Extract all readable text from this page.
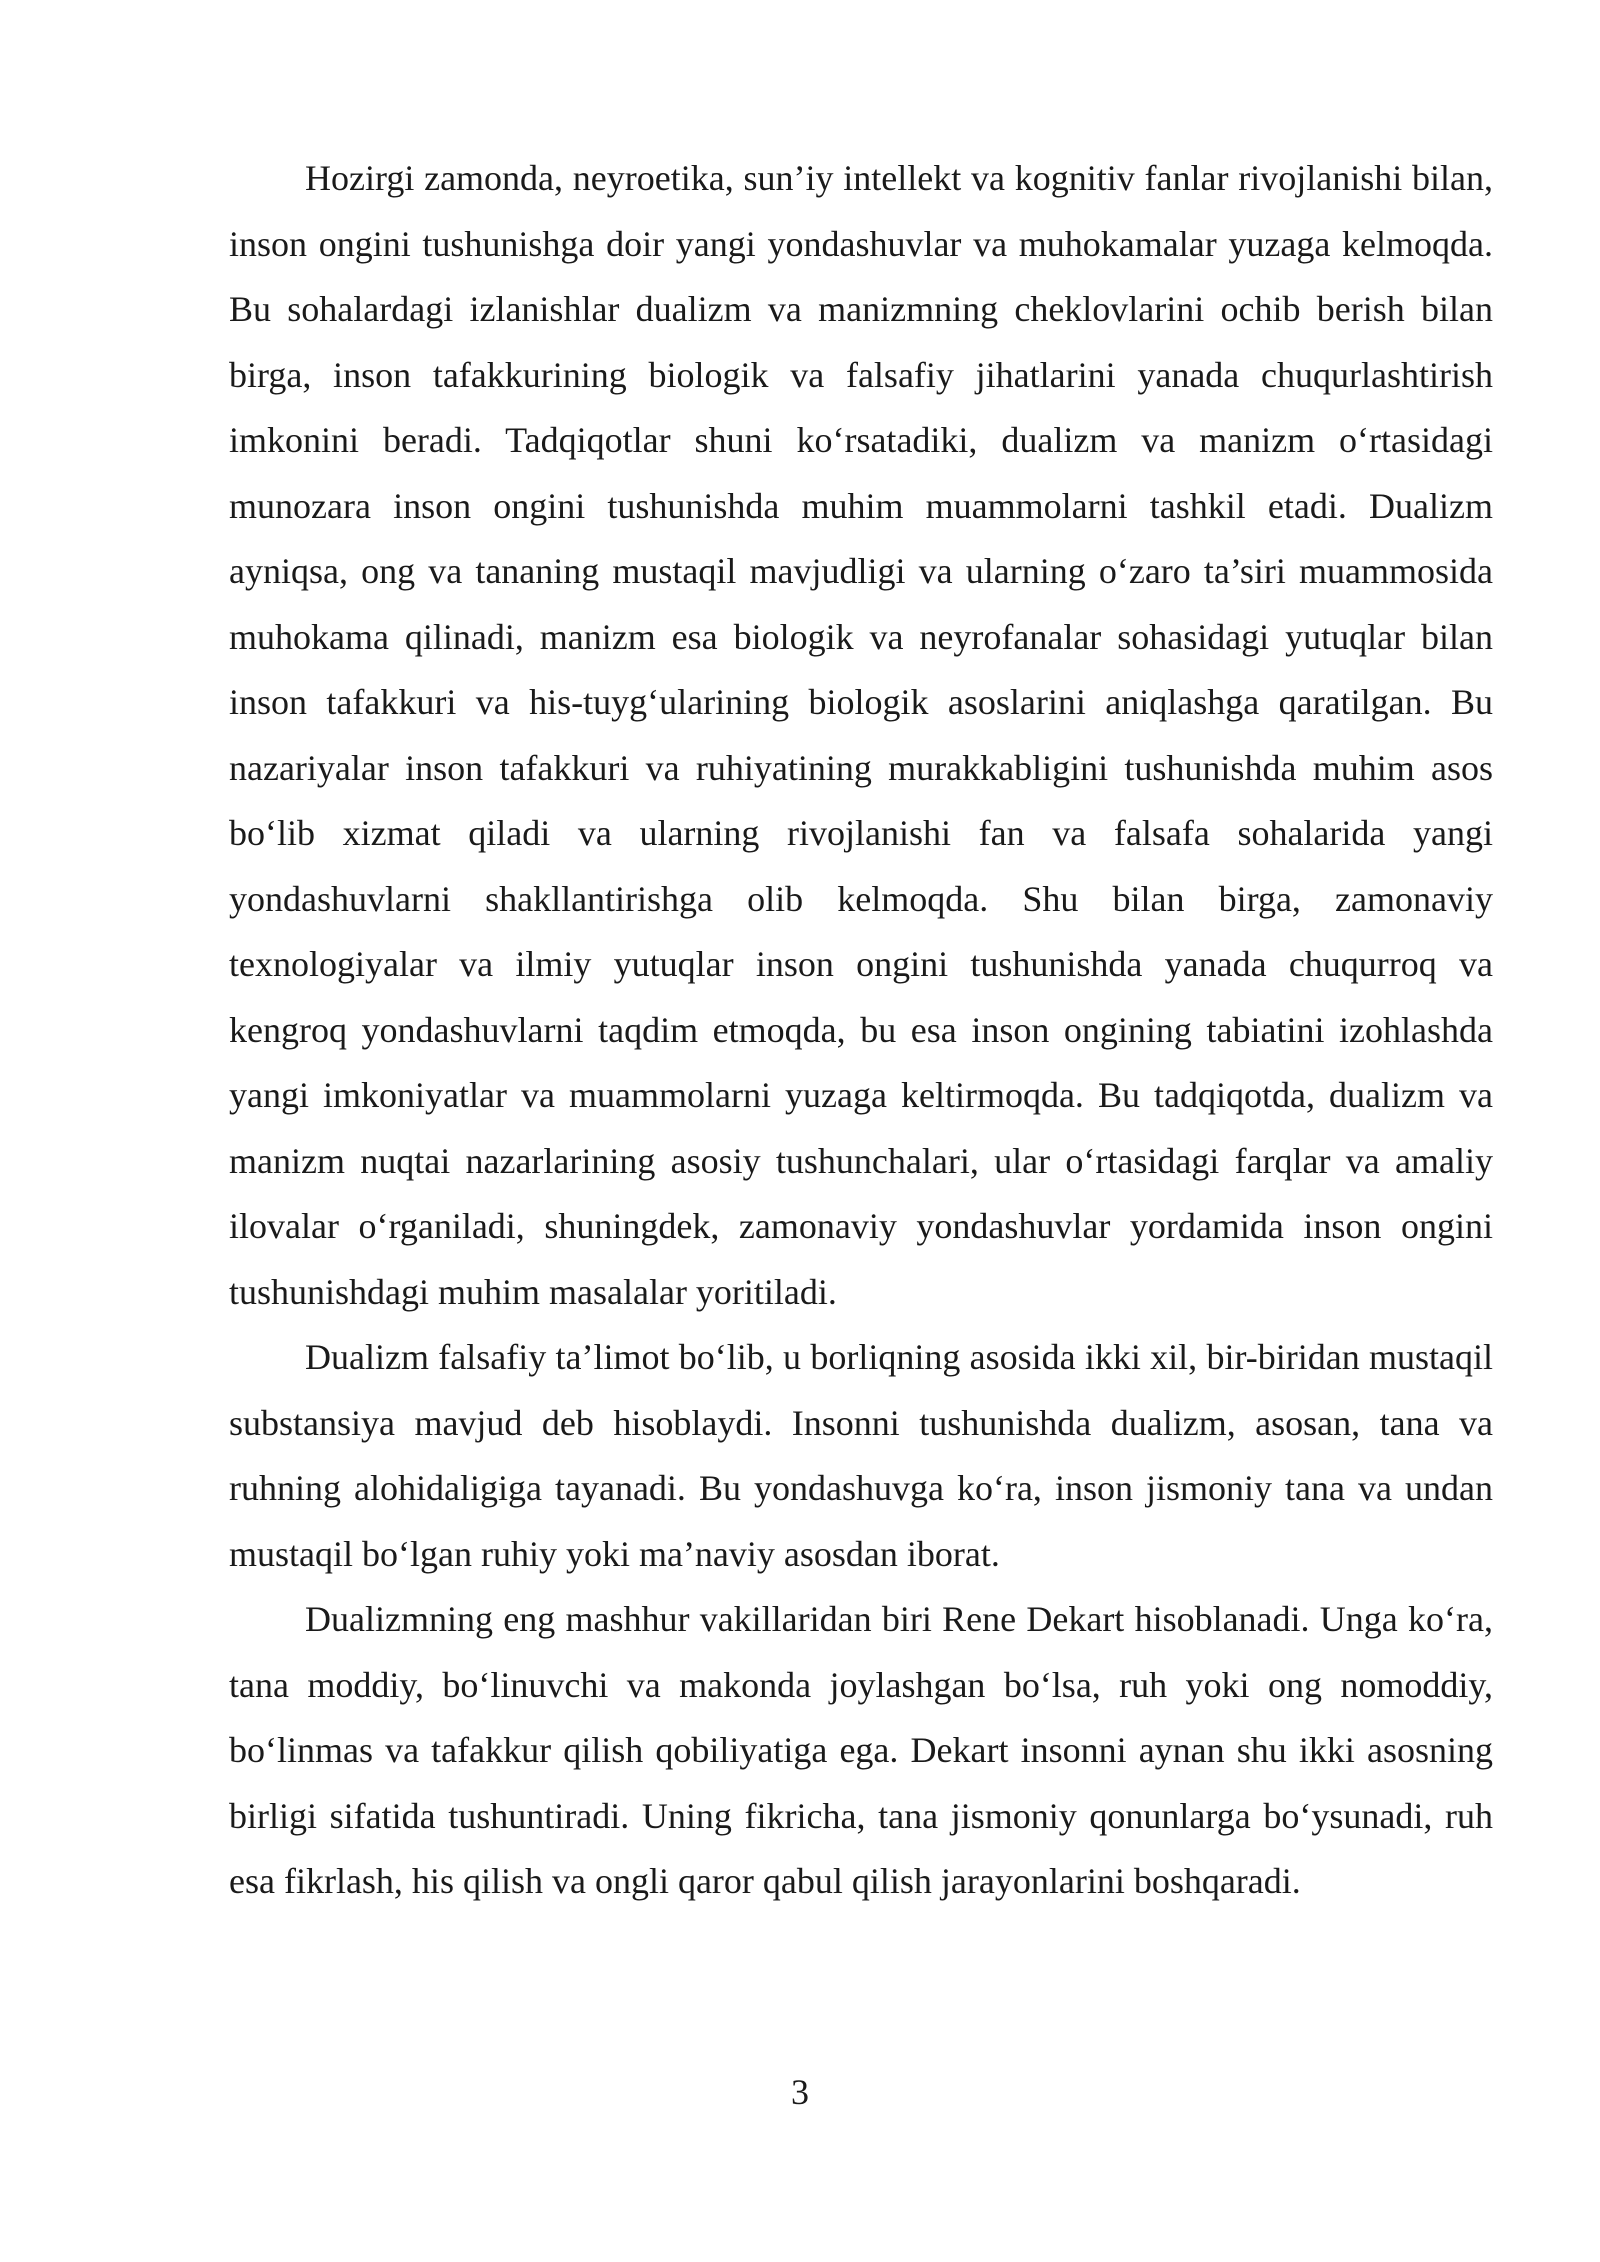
Hozirgi zamonda, neyroetika, sun’iy intellekt va kognitiv fanlar rivojlanishi bilan, inson ongini tushunishga doir yangi yondashuvlar va muhokamalar yuzaga kelmoqda. Bu sohalardagi izlanishlar dualizm va manizmning cheklovlarini ochib berish bilan birga, inson tafakkurining biologik va falsafiy jihatlarini yanada chuqurlashtirish imkonini beradi. Tadqiqotlar shuni ko‘rsatadiki, dualizm va manizm o‘rtasidagi munozara inson ongini tushunishda muhim muammolarni tashkil etadi. Dualizm ayniqsa, ong va tananing mustaqil mavjudligi va ularning o‘zaro ta’siri muammosida muhokama qilinadi, manizm esa biologik va neyrofanalar sohasidagi yutuqlar bilan inson tafakkuri va his-tuyg‘ularining biologik asoslarini aniqlashga qaratilgan. Bu nazariyalar inson tafakkuri va ruhiyatining murakkabligini tushunishda muhim asos bo‘lib xizmat qiladi va ularning rivojlanishi fan va falsafa sohalarida yangi yondashuvlarni shakllantirishga olib kelmoqda. Shu bilan birga, zamonaviy texnologiyalar va ilmiy yutuqlar inson ongini tushunishda yanada chuqurroq va kengroq yondashuvlarni taqdim etmoqda, bu esa inson ongining tabiatini izohlashda yangi imkoniyatlar va muammolarni yuzaga keltirmoqda. Bu tadqiqotda, dualizm va manizm nuqtai nazarlarining asosiy tushunchalari, ular o‘rtasidagi farqlar va amaliy ilovalar o‘rganiladi, shuningdek, zamonaviy yondashuvlar yordamida inson ongini tushunishdagi muhim masalalar yoritiladi.

Dualizm falsafiy ta’limot bo‘lib, u borliqning asosida ikki xil, bir-biridan mustaqil substansiya mavjud deb hisoblaydi. Insonni tushunishda dualizm, asosan, tana va ruhning alohidaligiga tayanadi. Bu yondashuvga ko‘ra, inson jismoniy tana va undan mustaqil bo‘lgan ruhiy yoki ma’naviy asosdan iborat.

Dualizmning eng mashhur vakillaridan biri Rene Dekart hisoblanadi. Unga ko‘ra, tana moddiy, bo‘linuvchi va makonda joylashgan bo‘lsa, ruh yoki ong nomoddiy, bo‘linmas va tafakkur qilish qobiliyatiga ega. Dekart insonni aynan shu ikki asosning birligi sifatida tushuntiradi. Uning fikricha, tana jismoniy qonunlarga bo‘ysunadi, ruh esa fikrlash, his qilish va ongli qaror qabul qilish jarayonlarini boshqaradi.

3
